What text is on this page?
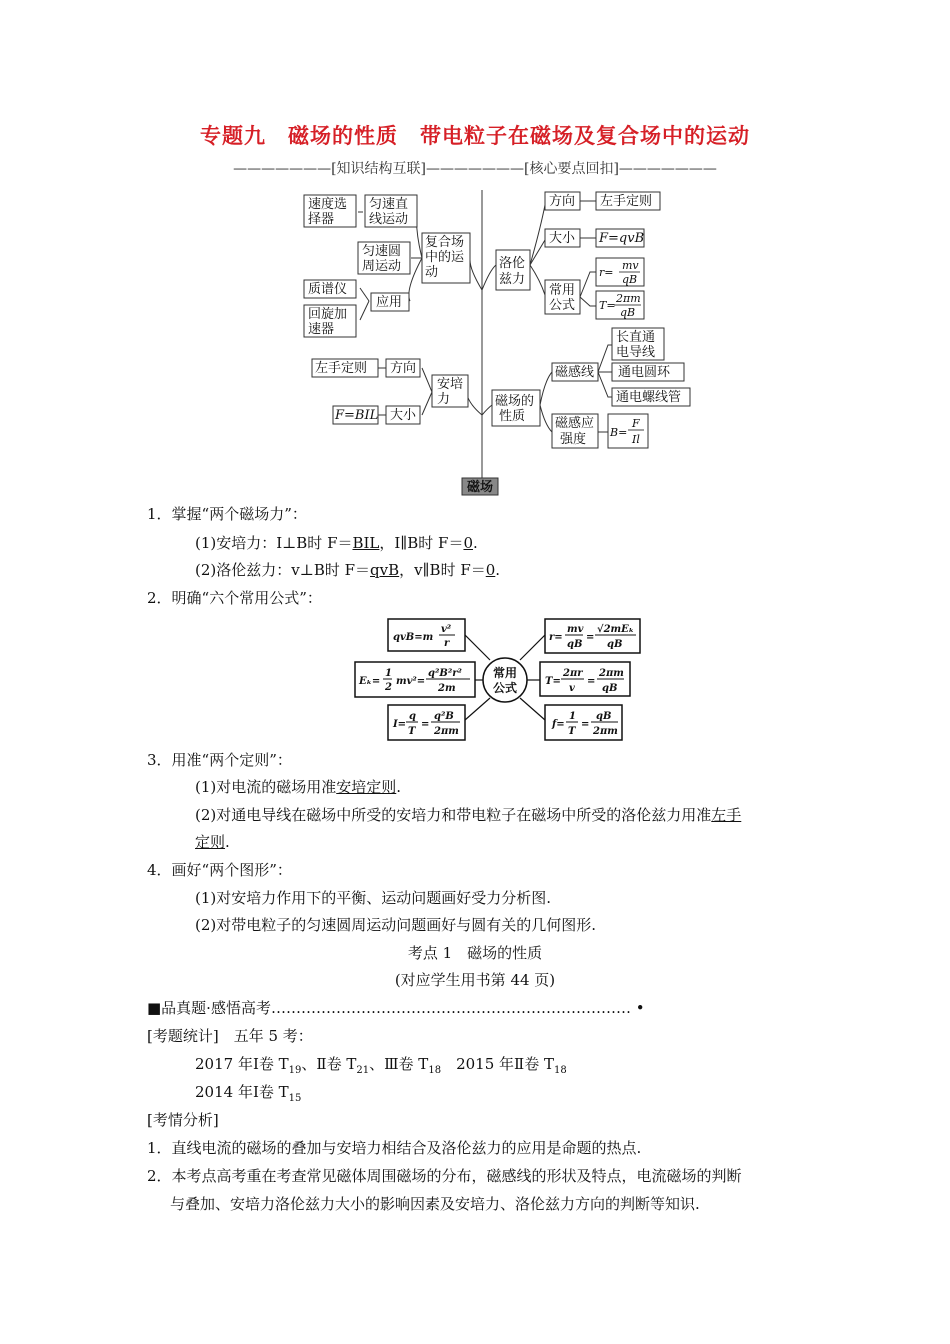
专题九　磁场的性质　带电粒子在磁场及复合场中的运动
———————[知识结构互联]———————[核心要点回扣]———————
速度选
择器
匀速直
线运动
匀速圆
周运动
复合场
中的运
动
质谱仪
应用
回旋加
速器
洛伦
兹力
方向 左手定则
大小 F=qvB
常用
公式
左手定则 方向
F=BIL 大小
安培
力	磁场的
性质
磁感线
长直通
电导线
通电圆环
通电螺线管
磁感应
强度
磁场
r=
mv
qB
T=
2πm
qB
B=
F
Il
1．掌握“两个磁场力”：
(1)安培力：I⊥B时 F＝BIL，I∥B时 F＝0.
(2)洛伦兹力：v⊥B时 F＝qvB，v∥B时 F＝0.
2．明确“六个常用公式”：
常用
公式
qvB=m
v²
r
r=
mv
qB
=
√2mEₖ
qB
Eₖ=
1
2
mv²=
q²B²r²
2m
T=
2πr
v
=
2πm
qB
I=
q
T
=
q²B
2πm
f=
1
T
=
qB
2πm
3．用准“两个定则”：
(1)对电流的磁场用准安培定则.
(2)对通电导线在磁场中所受的安培力和带电粒子在磁场中所受的洛伦兹力用准左手
定则.
4．画好“两个图形”：
(1)对安培力作用下的平衡、运动问题画好受力分析图.
(2)对带电粒子的匀速圆周运动问题画好与圆有关的几何图形.
考点 1　磁场的性质
(对应学生用书第 44 页)
■品真题·感悟高考……………………………………………………………… •
[考题统计]　五年 5 考：
2017 年Ⅰ卷 $T_{19}$、Ⅱ卷 $T_{21}$、Ⅲ卷 $T_{18}$　2015 年Ⅱ卷 $T_{18}$
2014 年Ⅰ卷 $T_{15}$
[考情分析]
1．直线电流的磁场的叠加与安培力相结合及洛伦兹力的应用是命题的热点.
2．本考点高考重在考查常见磁体周围磁场的分布，磁感线的形状及特点，电流磁场的判断
与叠加、安培力洛伦兹力大小的影响因素及安培力、洛伦兹力方向的判断等知识.
